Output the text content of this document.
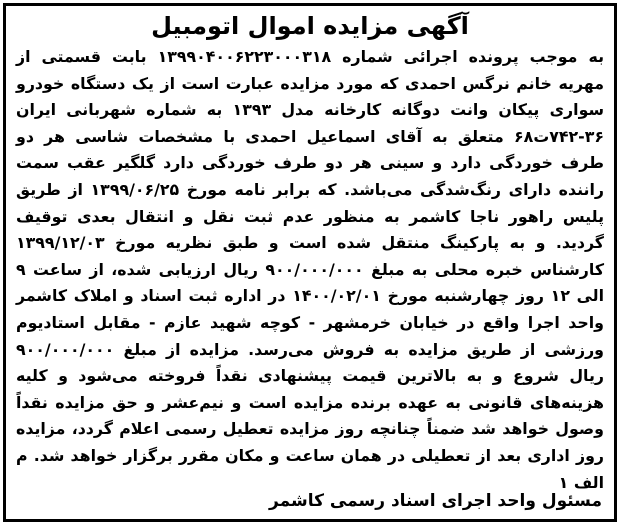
آگهی مزایده اموال اتومبیل

به موجب پرونده اجرائی شماره ۱۳۹۹۰۴۰۰۶۲۲۳۰۰۰۳۱۸ بابت قسمتی از مهریه خانم نرگس احمدی که مورد مزایده عبارت است از یک دستگاه خودرو سواری پیکان وانت دوگانه کارخانه مدل ۱۳۹۳ به شماره شهربانی ایران ۳۶-۷۴۲ت۶۸ متعلق به آقای اسماعیل احمدی با مشخصات شاسی هر دو طرف خوردگی دارد و سینی هر دو طرف خوردگی دارد گلگیر عقب سمت راننده دارای رنگ‌شدگی می‌باشد. که برابر نامه مورخ ۱۳۹۹/۰۶/۲۵ از طریق پلیس راهور ناجا کاشمر به منظور عدم ثبت نقل و انتقال بعدی توقیف گردید. و به پارکینگ منتقل شده است و طبق نظریه مورخ ۱۳۹۹/۱۲/۰۳ کارشناس خبره محلی به مبلغ ۹۰۰/۰۰۰/۰۰۰ ریال ارزیابی شده، از ساعت ۹ الی ۱۲ روز چهارشنبه مورخ ۱۴۰۰/۰۲/۰۱ در اداره ثبت اسناد و املاک کاشمر واحد اجرا واقع در خیابان خرمشهر - کوچه شهید عازم - مقابل استادیوم ورزشی از طریق مزایده به فروش می‌رسد. مزایده از مبلغ ۹۰۰/۰۰۰/۰۰۰ ریال شروع و به بالاترین قیمت پیشنهادی نقداً فروخته می‌شود و کلیه هزینه‌های قانونی به عهده برنده مزایده است و نیم‌عشر و حق مزایده نقداً وصول خواهد شد ضمناً چنانچه روز مزایده تعطیل رسمی اعلام گردد، مزایده روز اداری بعد از تعطیلی در همان ساعت و مکان مقرر برگزار خواهد شد. م الف ۱

مسئول واحد اجرای اسناد رسمی کاشمر
